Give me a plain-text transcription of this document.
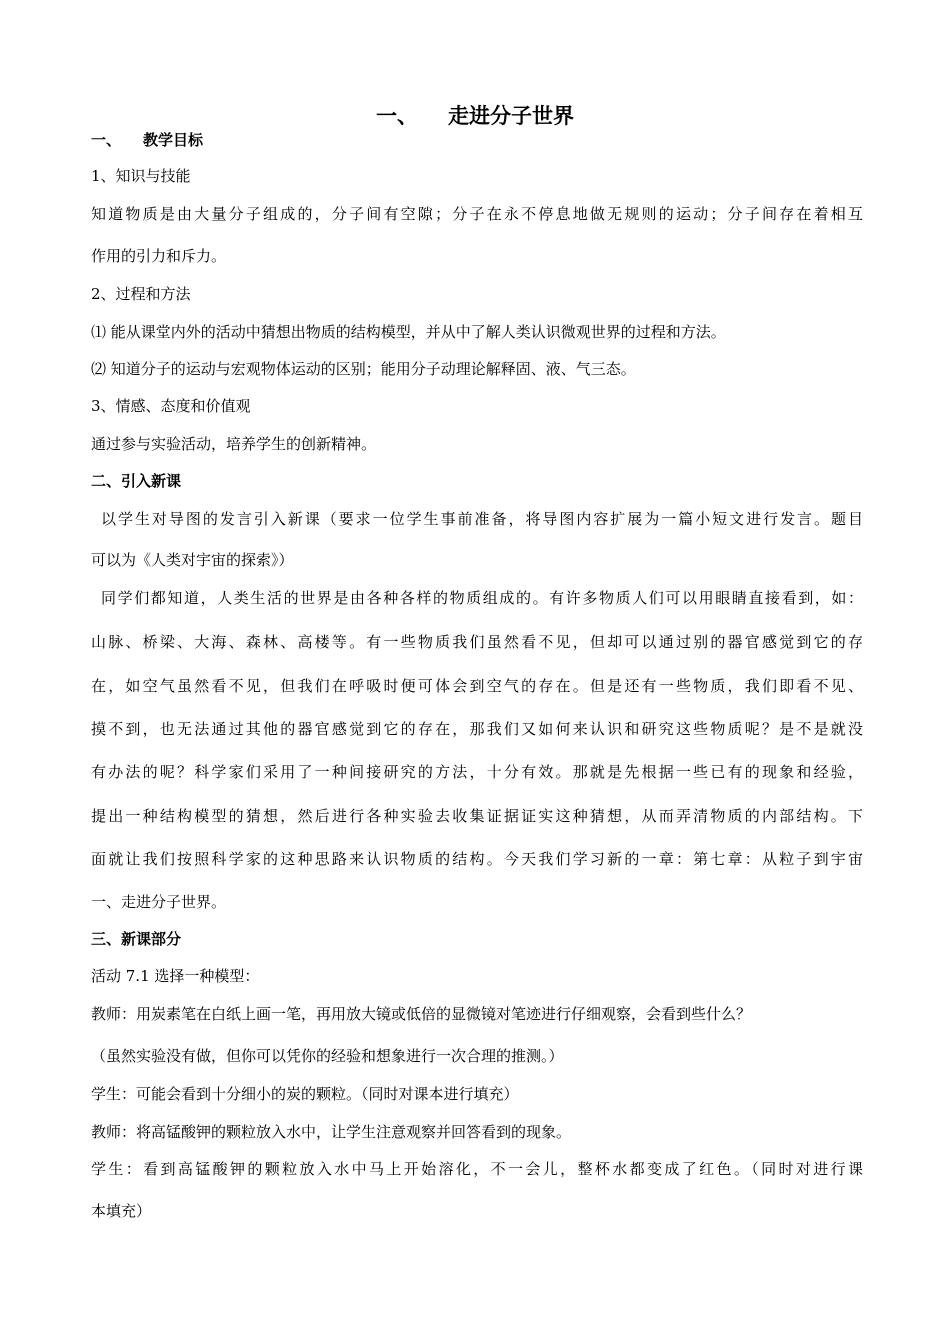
一、 走进分子世界
一、 教学目标
1、知识与技能
知道物质是由大量分子组成的，分子间有空隙；分子在永不停息地做无规则的运动；分子间存在着相互
作用的引力和斥力。
2、过程和方法
⑴ 能从课堂内外的活动中猜想出物质的结构模型，并从中了解人类认识微观世界的过程和方法。
⑵ 知道分子的运动与宏观物体运动的区别；能用分子动理论解释固、液、气三态。
3、情感、态度和价值观
通过参与实验活动，培养学生的创新精神。
二、引入新课
以学生对导图的发言引入新课（要求一位学生事前准备，将导图内容扩展为一篇小短文进行发言。题目
可以为《人类对宇宙的探索》）
同学们都知道，人类生活的世界是由各种各样的物质组成的。有许多物质人们可以用眼睛直接看到，如：
山脉、桥梁、大海、森林、高楼等。有一些物质我们虽然看不见，但却可以通过别的器官感觉到它的存
在，如空气虽然看不见，但我们在呼吸时便可体会到空气的存在。但是还有一些物质，我们即看不见、
摸不到，也无法通过其他的器官感觉到它的存在，那我们又如何来认识和研究这些物质呢？是不是就没
有办法的呢？科学家们采用了一种间接研究的方法，十分有效。那就是先根据一些已有的现象和经验，
提出一种结构模型的猜想，然后进行各种实验去收集证据证实这种猜想，从而弄清物质的内部结构。下
面就让我们按照科学家的这种思路来认识物质的结构。今天我们学习新的一章：第七章：从粒子到宇宙
一、走进分子世界。
三、新课部分
活动 7.1 选择一种模型：
教师：用炭素笔在白纸上画一笔，再用放大镜或低倍的显微镜对笔迹进行仔细观察，会看到些什么？
（虽然实验没有做，但你可以凭你的经验和想象进行一次合理的推测。）
学生：可能会看到十分细小的炭的颗粒。（同时对课本进行填充）
教师：将高锰酸钾的颗粒放入水中，让学生注意观察并回答看到的现象。
学生：看到高锰酸钾的颗粒放入水中马上开始溶化，不一会儿，整杯水都变成了红色。（同时对进行课
本填充）
